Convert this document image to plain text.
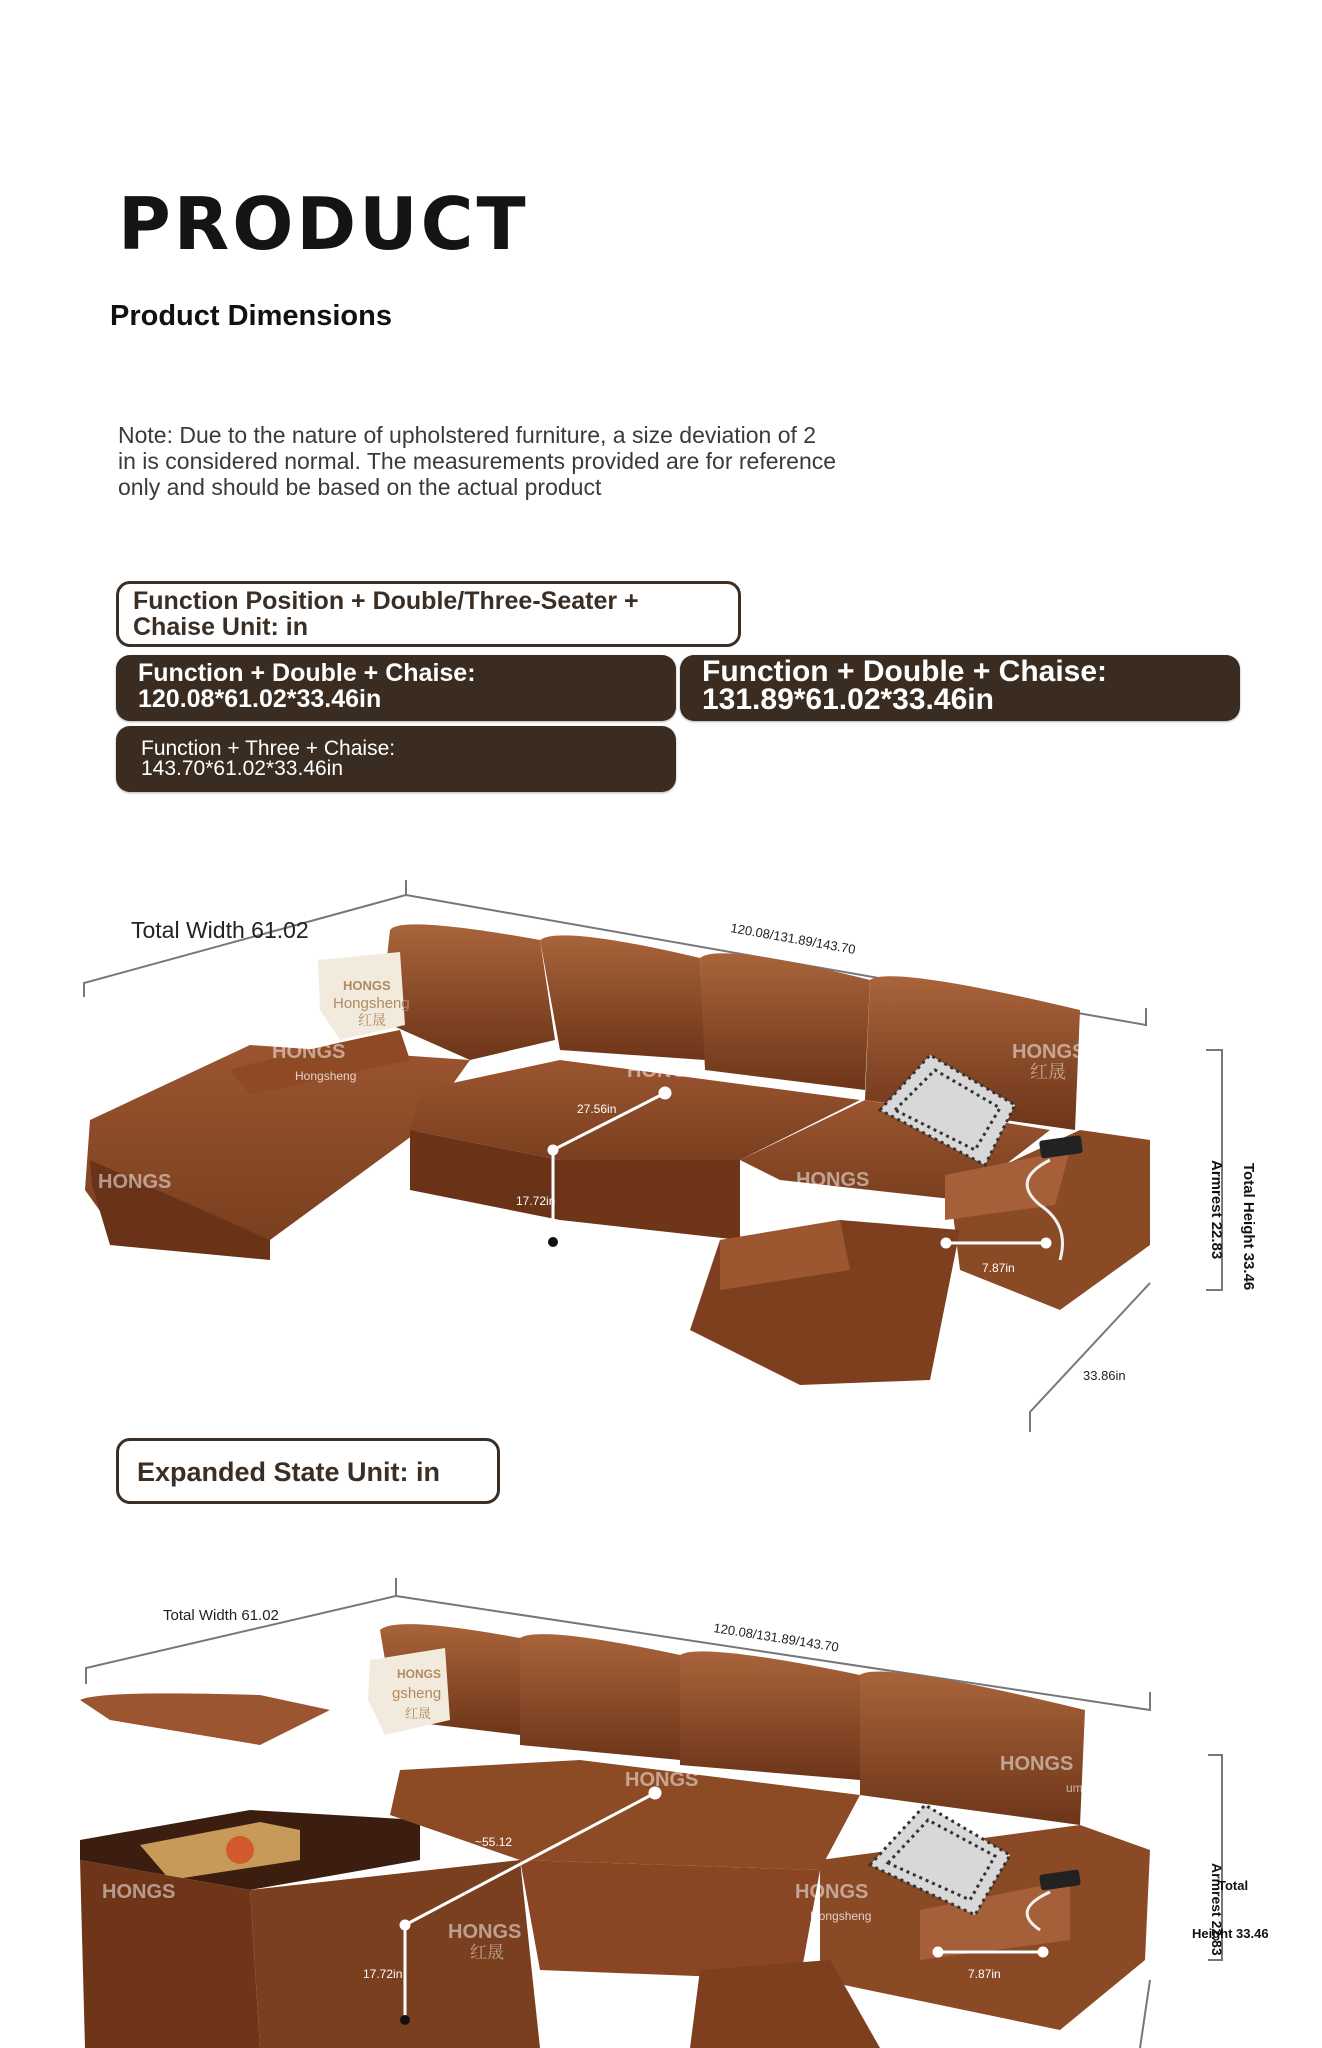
PRODUCT
Product Dimensions
Note: Due to the nature of upholstered furniture, a size deviation of 2 in is considered normal. The measurements provided are for reference only and should be based on the actual product
Function Position + Double/Three-Seater +
Chaise Unit: in
Function + Double + Chaise:
120.08*61.02*33.46in
Function + Double + Chaise:
131.89*61.02*33.46in
Function + Three + Chaise:
143.70*61.02*33.46in
Total Width 61.02	120.08/131.89/143.70
27.56in
17.72in
7.87in
33.86in
Total Height 33.46
Armrest 22.83
HONGS
Hongsheng	HONGS
HONGS
红晟
HONGS	HONGS
Hongsheng
HONGS
HONGS
Hongsheng
红晟
Expanded State Unit: in
Total Width 61.02
120.08/131.89/143.70
~55.12
17.72in	7.87in
Total
Height 33.46
Armrest 22.83
HONGS
红晟	HONGS
HONGS
umber
HONGS	HONGS
Hongsheng
HONGS
红晟
HONGS
gsheng
红晟
